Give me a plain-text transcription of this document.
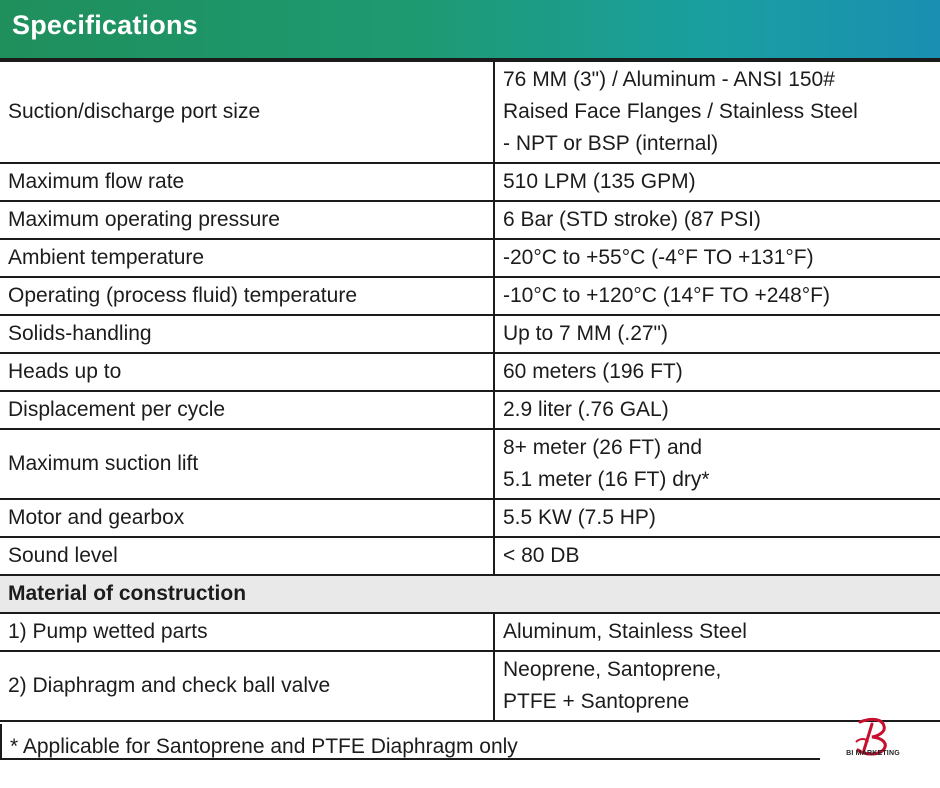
Specifications
Suction/discharge port size	76 MM (3") / Aluminum - ANSI 150#
Raised Face Flanges / Stainless Steel
- NPT or BSP (internal)

Maximum flow rate	510 LPM (135 GPM)

Maximum operating pressure	6 Bar (STD stroke) (87 PSI)

Ambient temperature	-20°C to +55°C (-4°F TO +131°F)

Operating (process fluid) temperature	-10°C to +120°C (14°F TO +248°F)

Solids-handling	Up to 7 MM (.27")

Heads up to	60 meters (196 FT)

Displacement per cycle	2.9 liter (.76 GAL)

Maximum suction lift	8+ meter (26 FT) and
5.1 meter (16 FT) dry*

Motor and gearbox	5.5 KW (7.5 HP)

Sound level	< 80 DB

Material of construction	
1) Pump wetted parts	Aluminum, Stainless Steel

2) Diaphragm and check ball valve	Neoprene, Santoprene,
PTFE + Santoprene
* Applicable for Santoprene and PTFE Diaphragm only	BI MARKETING
